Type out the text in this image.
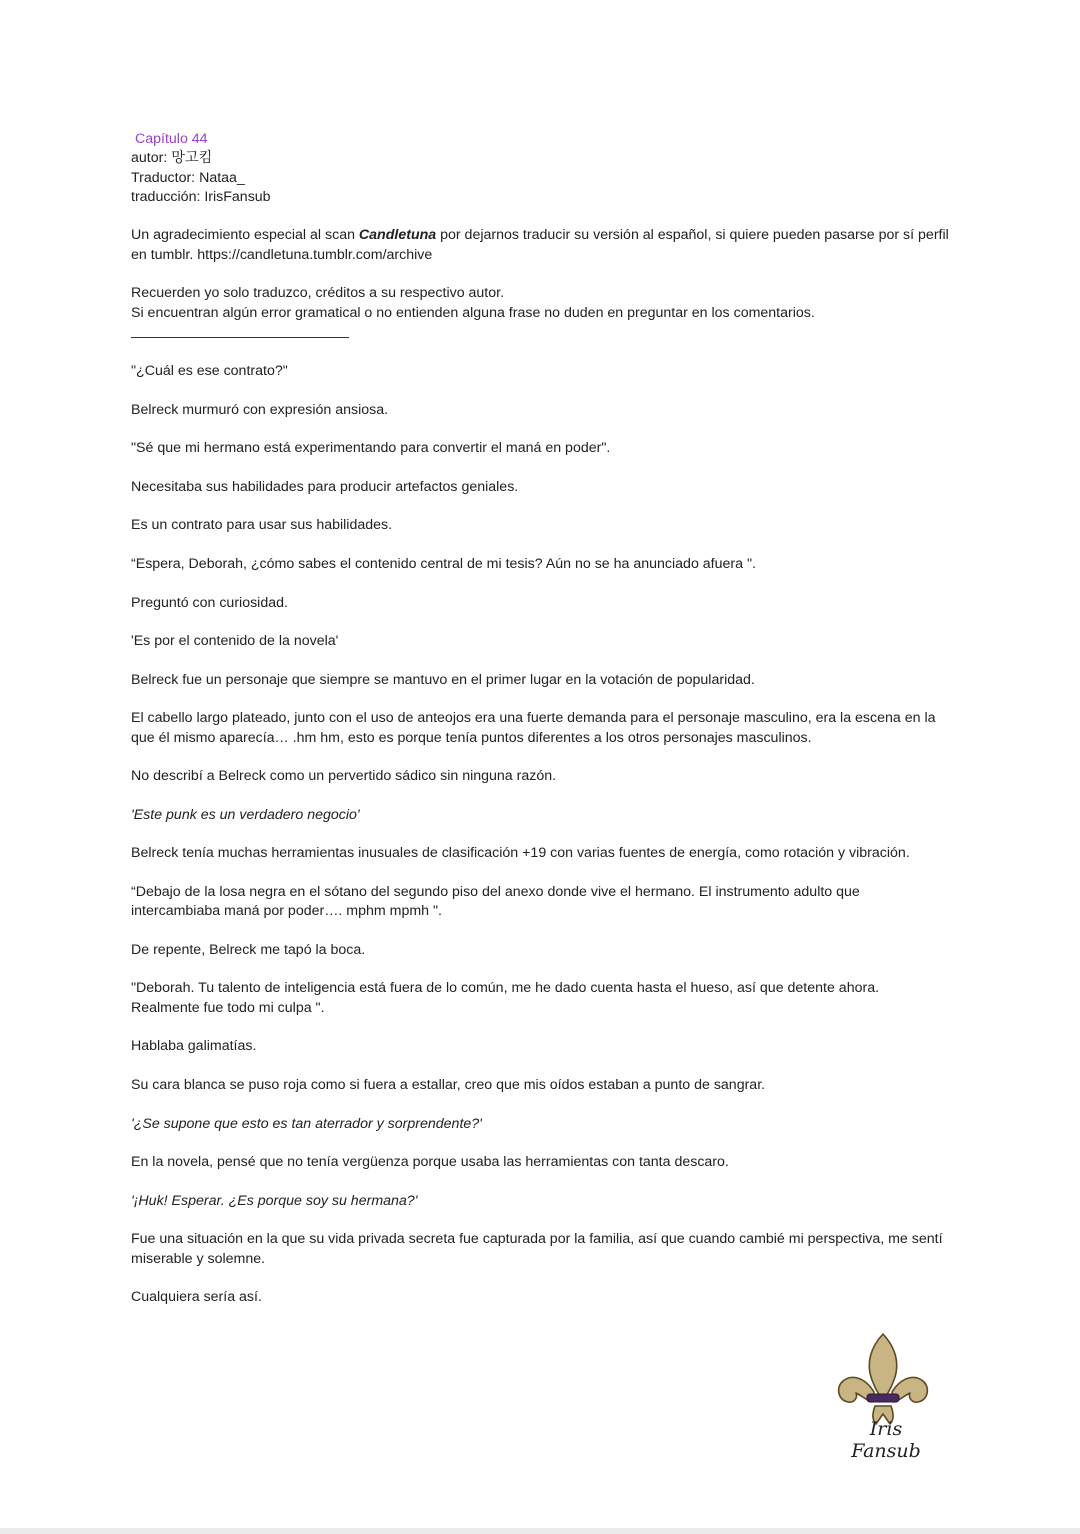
Capítulo 44

autor: 망고킴

Traductor: Nataa_

traducción: IrisFansub

Un agradecimiento especial al scan Candletuna por dejarnos traducir su versión al español, si quiere pueden pasarse por sí perfil en tumblr. https://candletuna.tumblr.com/archive

Recuerden yo solo traduzco, créditos a su respectivo autor.

Si encuentran algún error gramatical o no entienden alguna frase no duden en preguntar en los comentarios.

"¿Cuál es ese contrato?"

Belreck murmuró con expresión ansiosa.

"Sé que mi hermano está experimentando para convertir el maná en poder".

Necesitaba sus habilidades para producir artefactos geniales.

Es un contrato para usar sus habilidades.

“Espera, Deborah, ¿cómo sabes el contenido central de mi tesis? Aún no se ha anunciado afuera ".

Preguntó con curiosidad.

'Es por el contenido de la novela'

Belreck fue un personaje que siempre se mantuvo en el primer lugar en la votación de popularidad.

El cabello largo plateado, junto con el uso de anteojos era una fuerte demanda para el personaje masculino, era la escena en la que él mismo aparecía… .hm hm, esto es porque tenía puntos diferentes a los otros personajes masculinos.

No describí a Belreck como un pervertido sádico sin ninguna razón.

'Este punk es un verdadero negocio'

Belreck tenía muchas herramientas inusuales de clasificación +19 con varias fuentes de energía, como rotación y vibración.

“Debajo de la losa negra en el sótano del segundo piso del anexo donde vive el hermano. El instrumento adulto que intercambiaba maná por poder…. mphm mpmh ".

De repente, Belreck me tapó la boca.

"Deborah. Tu talento de inteligencia está fuera de lo común, me he dado cuenta hasta el hueso, así que detente ahora. Realmente fue todo mi culpa ".

Hablaba galimatías.

Su cara blanca se puso roja como si fuera a estallar, creo que mis oídos estaban a punto de sangrar.

'¿Se supone que esto es tan aterrador y sorprendente?'

En la novela, pensé que no tenía vergüenza porque usaba las herramientas con tanta descaro.

'¡Huk! Esperar. ¿Es porque soy su hermana?'

Fue una situación en la que su vida privada secreta fue capturada por la familia, así que cuando cambié mi perspectiva, me sentí miserable y solemne.

Cualquiera sería así.

Iris Fansub
